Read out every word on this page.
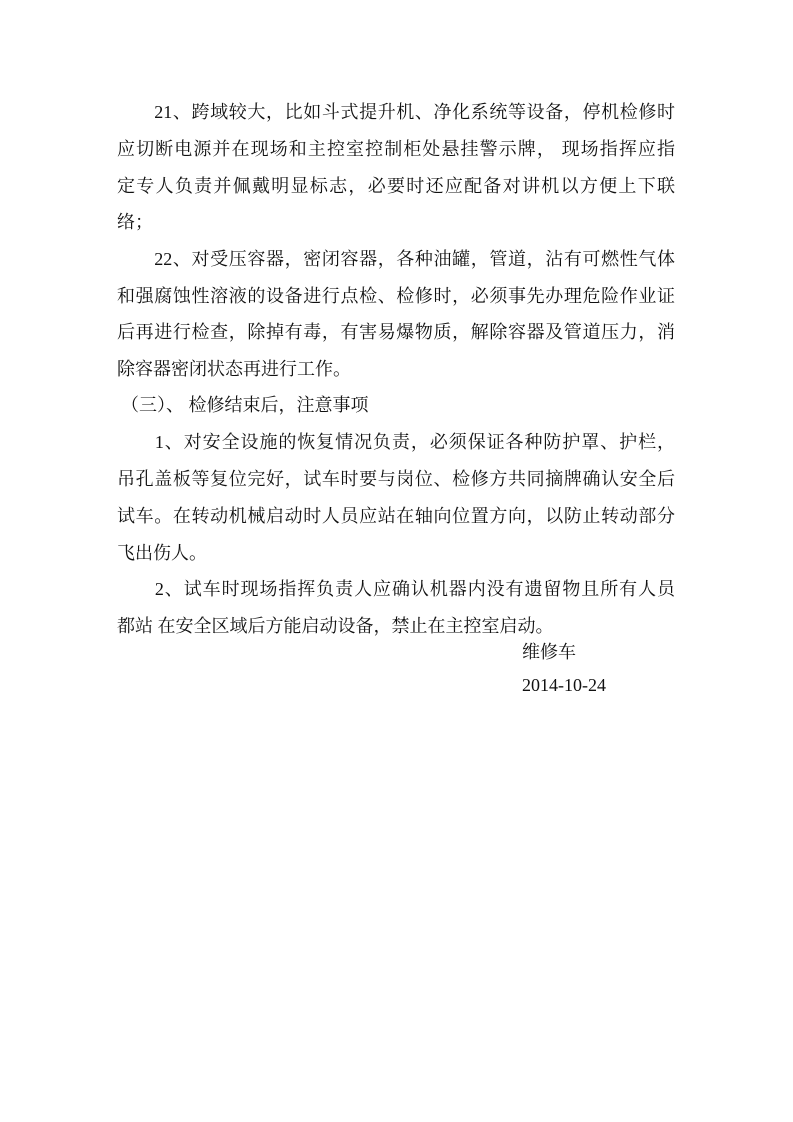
　　21、跨域较大，比如斗式提升机、净化系统等设备，停机检修时
应切断电源并在现场和主控室控制柜处悬挂警示牌， 现场指挥应指
定专人负责并佩戴明显标志，必要时还应配备对讲机以方便上下联
络；
　　22、对受压容器，密闭容器，各种油罐，管道，沾有可燃性气体
和强腐蚀性溶液的设备进行点检、检修时，必须事先办理危险作业证
后再进行检查，除掉有毒，有害易爆物质，解除容器及管道压力，消
除容器密闭状态再进行工作。
（三）、 检修结束后，注意事项
　　1、对安全设施的恢复情况负责，必须保证各种防护罩、护栏，
吊孔盖板等复位完好，试车时要与岗位、检修方共同摘牌确认安全后
试车。在转动机械启动时人员应站在轴向位置方向，以防止转动部分
飞出伤人。
　　2、试车时现场指挥负责人应确认机器内没有遗留物且所有人员
都站 在安全区域后方能启动设备，禁止在主控室启动。
维修车
2014-10-24
